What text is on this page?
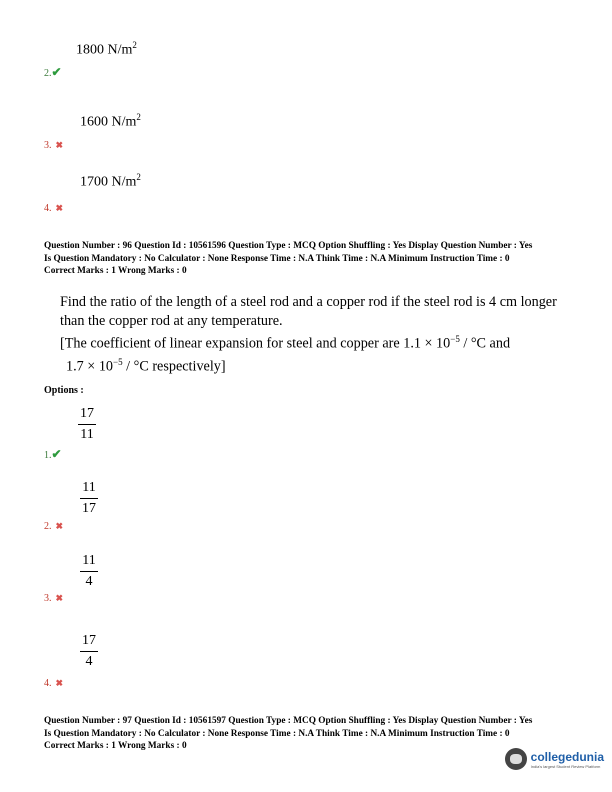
1800 $N/m^2$
2.✔
1600 $N/m^2$
3. ✖
1700 $N/m^2$
4. ✖
Question Number : 96 Question Id : 10561596 Question Type : MCQ Option Shuffling : Yes Display Question Number : Yes
Is Question Mandatory : No Calculator : None Response Time : N.A Think Time : N.A Minimum Instruction Time : 0
Correct Marks : 1 Wrong Marks : 0
Find the ratio of the length of a steel rod and a copper rod if the steel rod is 4 cm longer
than the copper rod at any temperature.
[The coefficient of linear expansion for steel and copper are $1.1 \times 10^{-5} / ^\circ C$ and
$1.7 \times 10^{-5} / ^\circ C$ respectively]
Options :
17
11
1.✔
11
17
2. ✖
11
4
3. ✖
17
4
4. ✖
Question Number : 97 Question Id : 10561597 Question Type : MCQ Option Shuffling : Yes Display Question Number : Yes
Is Question Mandatory : No Calculator : None Response Time : N.A Think Time : N.A Minimum Instruction Time : 0
Correct Marks : 1 Wrong Marks : 0
collegedunia
India's largest Student Review Platform
